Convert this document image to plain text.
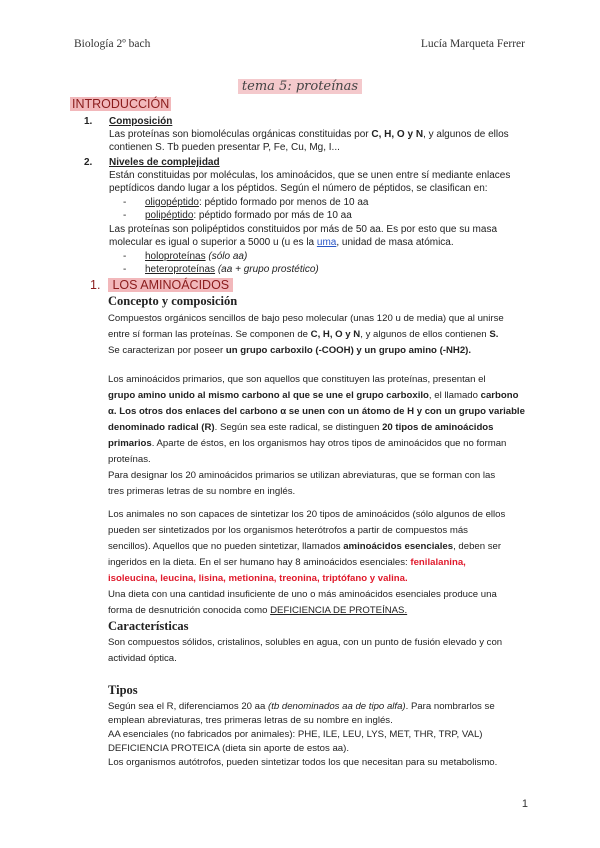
Biología 2º bach	Lucía Marqueta Ferrer
tema 5: proteínas
INTRODUCCIÓN
1. Composición
Las proteínas son biomoléculas orgánicas constituidas por C, H, O y N, y algunos de ellos
contienen S. Tb pueden presentar P, Fe, Cu, Mg, I...
2. Niveles de complejidad
Están constituidas por moléculas, los aminoácidos, que se unen entre sí mediante enlaces
peptídicos dando lugar a los péptidos. Según el número de péptidos, se clasifican en:
- oligopéptido: péptido formado por menos de 10 aa
- polipéptido: péptido formado por más de 10 aa
Las proteínas son polipéptidos constituidos por más de 50 aa. Es por esto que su masa
molecular es igual o superior a 5000 u (u es la uma, unidad de masa atómica.
- holoproteínas (sólo aa)
- heteroproteínas (aa + grupo prostético)
1. LOS AMINOÁCIDOS
Concepto y composición
Compuestos orgánicos sencillos de bajo peso molecular (unas 120 u de media) que al unirse
entre sí forman las proteínas. Se componen de C, H, O y N, y algunos de ellos contienen S.
Se caracterizan por poseer un grupo carboxilo (-COOH) y un grupo amino (-NH2).
Los aminoácidos primarios, que son aquellos que constituyen las proteínas, presentan el
grupo amino unido al mismo carbono al que se une el grupo carboxilo, el llamado carbono
α. Los otros dos enlaces del carbono α se unen con un átomo de H y con un grupo variable
denominado radical (R). Según sea este radical, se distinguen 20 tipos de aminoácidos
primarios. Aparte de éstos, en los organismos hay otros tipos de aminoácidos que no forman
proteínas.
Para designar los 20 aminoácidos primarios se utilizan abreviaturas, que se forman con las
tres primeras letras de su nombre en inglés.
Los animales no son capaces de sintetizar los 20 tipos de aminoácidos (sólo algunos de ellos
pueden ser sintetizados por los organismos heterótrofos a partir de compuestos más
sencillos). Aquellos que no pueden sintetizar, llamados aminoácidos esenciales, deben ser
ingeridos en la dieta. En el ser humano hay 8 aminoácidos esenciales: fenilalanina,
isoleucina, leucina, lisina, metionina, treonina, triptófano y valina.
Una dieta con una cantidad insuficiente de uno o más aminoácidos esenciales produce una
forma de desnutrición conocida como DEFICIENCIA DE PROTEÍNAS.
Características
Son compuestos sólidos, cristalinos, solubles en agua, con un punto de fusión elevado y con
actividad óptica.
Tipos
Según sea el R, diferenciamos 20 aa (tb denominados aa de tipo alfa). Para nombrarlos se
emplean abreviaturas, tres primeras letras de su nombre en inglés.
AA esenciales (no fabricados por animales): PHE, ILE, LEU, LYS, MET, THR, TRP, VAL)
DEFICIENCIA PROTEICA (dieta sin aporte de estos aa).
Los organismos autótrofos, pueden sintetizar todos los que necesitan para su metabolismo.
1
